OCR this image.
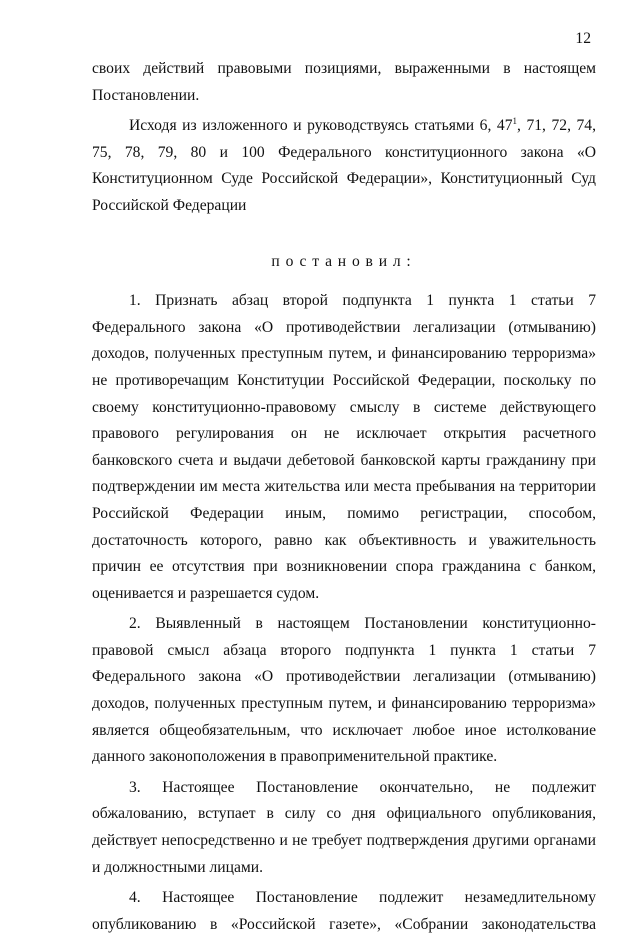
12

своих действий правовыми позициями, выраженными в настоящем Постановлении.

Исходя из изложенного и руководствуясь статьями 6, $47^1$, 71, 72, 74, 75, 78, 79, 80 и 100 Федерального конституционного закона «О Конституционном Суде Российской Федерации», Конституционный Суд Российской Федерации

постановил:

1. Признать абзац второй подпункта 1 пункта 1 статьи 7 Федерального закона «О противодействии легализации (отмыванию) доходов, полученных преступным путем, и финансированию терроризма» не противоречащим Конституции Российской Федерации, поскольку по своему конституционно-правовому смыслу в системе действующего правового регулирования он не исключает открытия расчетного банковского счета и выдачи дебетовой банковской карты гражданину при подтверждении им места жительства или места пребывания на территории Российской Федерации иным, помимо регистрации, способом, достаточность которого, равно как объективность и уважительность причин ее отсутствия при возникновении спора гражданина с банком, оценивается и разрешается судом.

2. Выявленный в настоящем Постановлении конституционно-правовой смысл абзаца второго подпункта 1 пункта 1 статьи 7 Федерального закона «О противодействии легализации (отмыванию) доходов, полученных преступным путем, и финансированию терроризма» является общеобязательным, что исключает любое иное истолкование данного законоположения в правоприменительной практике.

3. Настоящее Постановление окончательно, не подлежит обжалованию, вступает в силу со дня официального опубликования, действует непосредственно и не требует подтверждения другими органами и должностными лицами.

4. Настоящее Постановление подлежит незамедлительному опубликованию в «Российской газете», «Собрании законодательства
